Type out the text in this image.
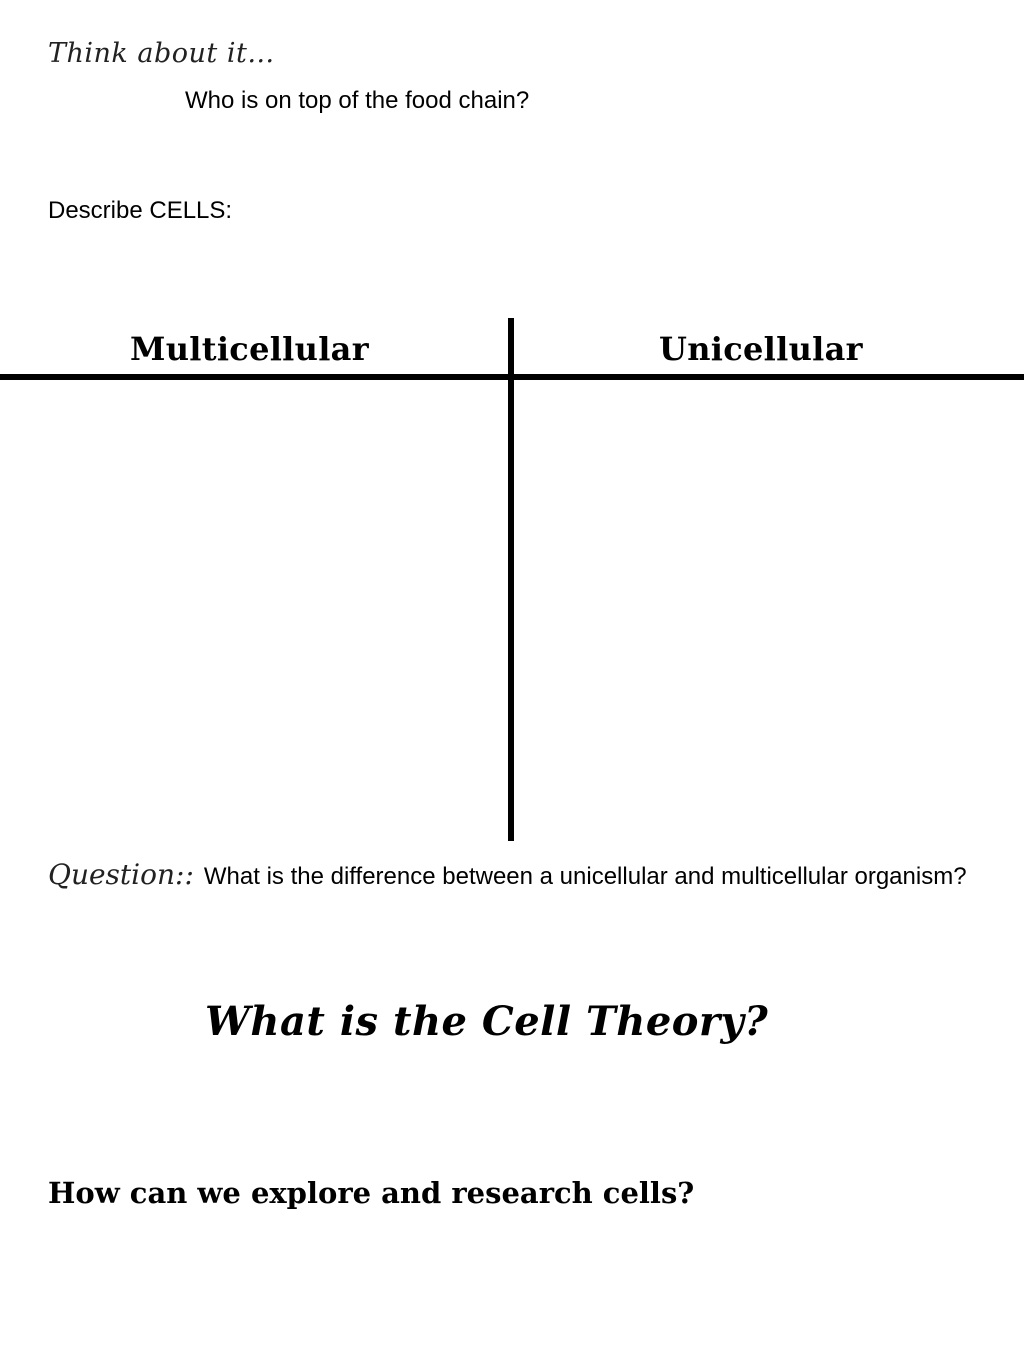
Think about it…

Who is on top of the food chain?

Describe CELLS:

Multicellular	Unicellular

Question:: What is the difference between a unicellular and multicellular organism?

What is the Cell Theory?

How can we explore and research cells?
